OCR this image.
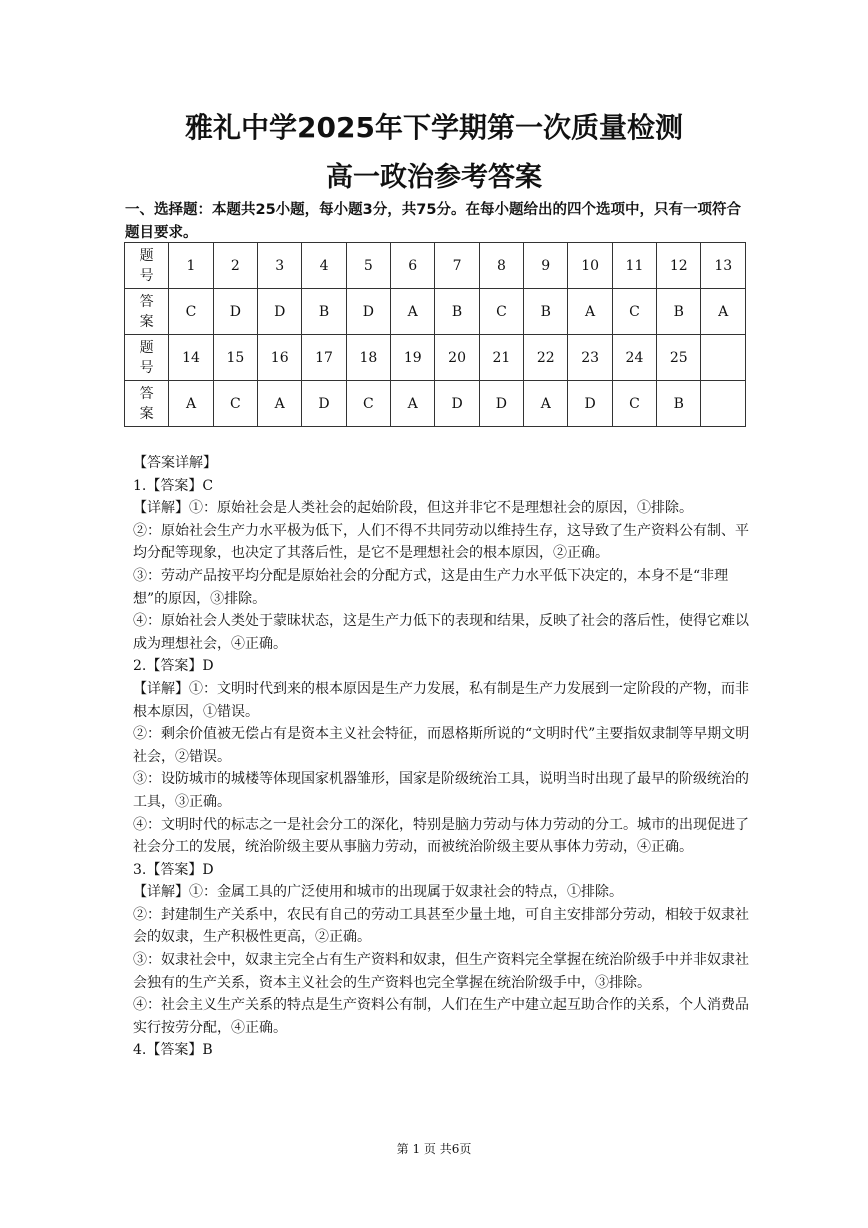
雅礼中学2025年下学期第一次质量检测
高一政治参考答案
一、选择题：本题共25小题，每小题3分，共75分。在每小题给出的四个选项中，只有一项符合题目要求。
题
号	1	2	3	4	5	6	7	8	9	10	11	12	13

答
案	C	D	D	B	D	A	B	C	B	A	C	B	A

题
号	14	15	16	17	18	19	20	21	22	23	24	25	

答
案	A	C	A	D	C	A	D	D	A	D	C	B	

【答案详解】

1.【答案】C

【详解】①：原始社会是人类社会的起始阶段，但这并非它不是理想社会的原因，①排除。

②：原始社会生产力水平极为低下，人们不得不共同劳动以维持生存，这导致了生产资料公有制、平均分配等现象，也决定了其落后性，是它不是理想社会的根本原因，②正确。

③：劳动产品按平均分配是原始社会的分配方式，这是由生产力水平低下决定的，本身不是“非理想”的原因，③排除。

④：原始社会人类处于蒙昧状态，这是生产力低下的表现和结果，反映了社会的落后性，使得它难以成为理想社会，④正确。

2.【答案】D

【详解】①：文明时代到来的根本原因是生产力发展，私有制是生产力发展到一定阶段的产物，而非根本原因，①错误。

②：剩余价值被无偿占有是资本主义社会特征，而恩格斯所说的“文明时代”主要指奴隶制等早期文明社会，②错误。

③：设防城市的城楼等体现国家机器雏形，国家是阶级统治工具，说明当时出现了最早的阶级统治的工具，③正确。

④：文明时代的标志之一是社会分工的深化，特别是脑力劳动与体力劳动的分工。城市的出现促进了社会分工的发展，统治阶级主要从事脑力劳动，而被统治阶级主要从事体力劳动，④正确。

3.【答案】D

【详解】①：金属工具的广泛使用和城市的出现属于奴隶社会的特点，①排除。

②：封建制生产关系中，农民有自己的劳动工具甚至少量土地，可自主安排部分劳动，相较于奴隶社会的奴隶，生产积极性更高，②正确。

③：奴隶社会中，奴隶主完全占有生产资料和奴隶，但生产资料完全掌握在统治阶级手中并非奴隶社会独有的生产关系，资本主义社会的生产资料也完全掌握在统治阶级手中，③排除。

④：社会主义生产关系的特点是生产资料公有制，人们在生产中建立起互助合作的关系，个人消费品实行按劳分配，④正确。

4.【答案】B

第 1 页 共6页
